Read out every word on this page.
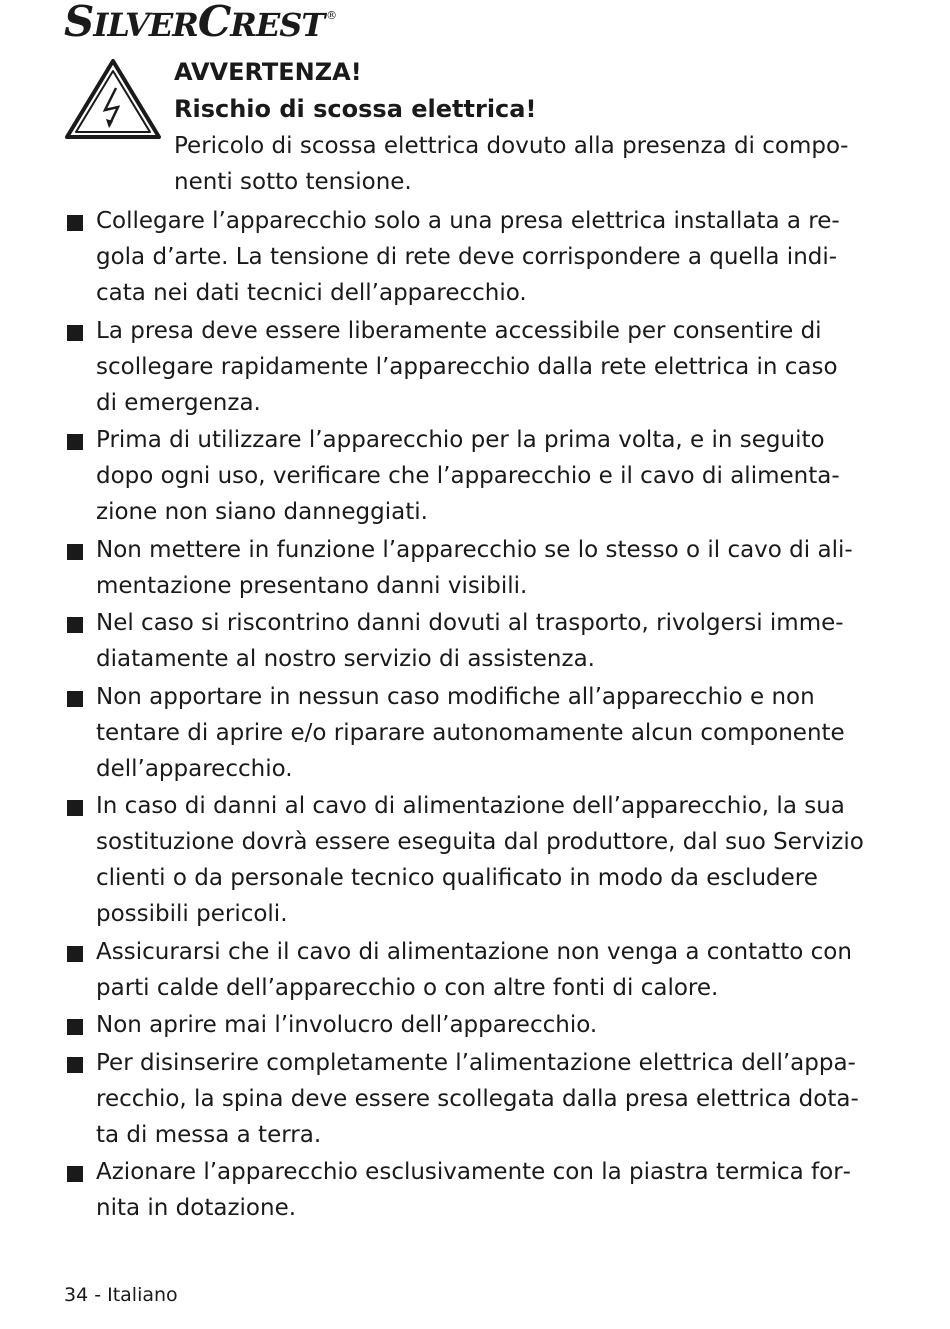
SILVERCREST ®

AVVERTENZA!

Rischio di scossa elettrica!

Pericolo di scossa elettrica dovuto alla presenza di componenti sotto tensione.

Collegare l’apparecchio solo a una presa elettrica installata a regola d’arte. La tensione di rete deve corrispondere a quella indicata nei dati tecnici dell’apparecchio.
La presa deve essere liberamente accessibile per consentire di scollegare rapidamente l’apparecchio dalla rete elettrica in caso di emergenza.
Prima di utilizzare l’apparecchio per la prima volta, e in seguito dopo ogni uso, verificare che l’apparecchio e il cavo di alimentazione non siano danneggiati.
Non mettere in funzione l’apparecchio se lo stesso o il cavo di alimentazione presentano danni visibili.
Nel caso si riscontrino danni dovuti al trasporto, rivolgersi immediatamente al nostro servizio di assistenza.
Non apportare in nessun caso modifiche all’apparecchio e non tentare di aprire e/o riparare autonomamente alcun componente dell’apparecchio.
In caso di danni al cavo di alimentazione dell’apparecchio, la sua sostituzione dovrà essere eseguita dal produttore, dal suo Servizio clienti o da personale tecnico qualificato in modo da escludere possibili pericoli.
Assicurarsi che il cavo di alimentazione non venga a contatto con parti calde dell’apparecchio o con altre fonti di calore.
Non aprire mai l’involucro dell’apparecchio.
Per disinserire completamente l’alimentazione elettrica dell’apparecchio, la spina deve essere scollegata dalla presa elettrica dotata di messa a terra.
Azionare l’apparecchio esclusivamente con la piastra termica fornita in dotazione.
34 - Italiano
